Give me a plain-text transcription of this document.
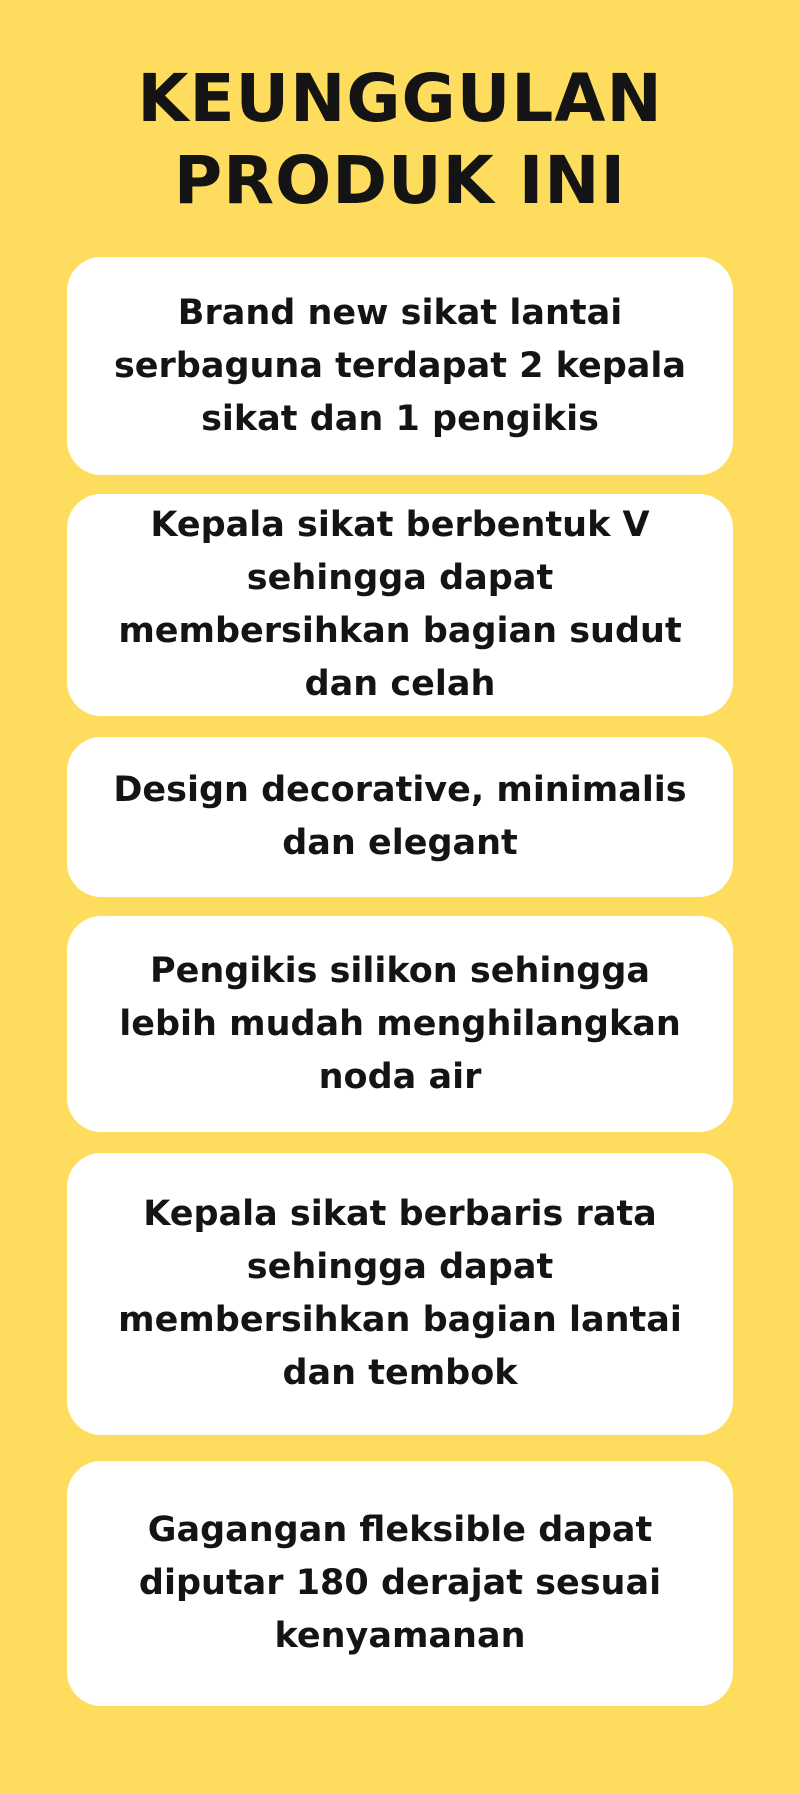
KEUNGGULAN
PRODUK INI

Brand new sikat lantai serbaguna terdapat 2 kepala sikat dan 1 pengikis

Kepala sikat berbentuk V sehingga dapat membersihkan bagian sudut dan celah

Design decorative, minimalis dan elegant

Pengikis silikon sehingga lebih mudah menghilangkan noda air

Kepala sikat berbaris rata sehingga dapat membersihkan bagian lantai dan tembok

Gagangan fleksible dapat diputar 180 derajat sesuai kenyamanan
